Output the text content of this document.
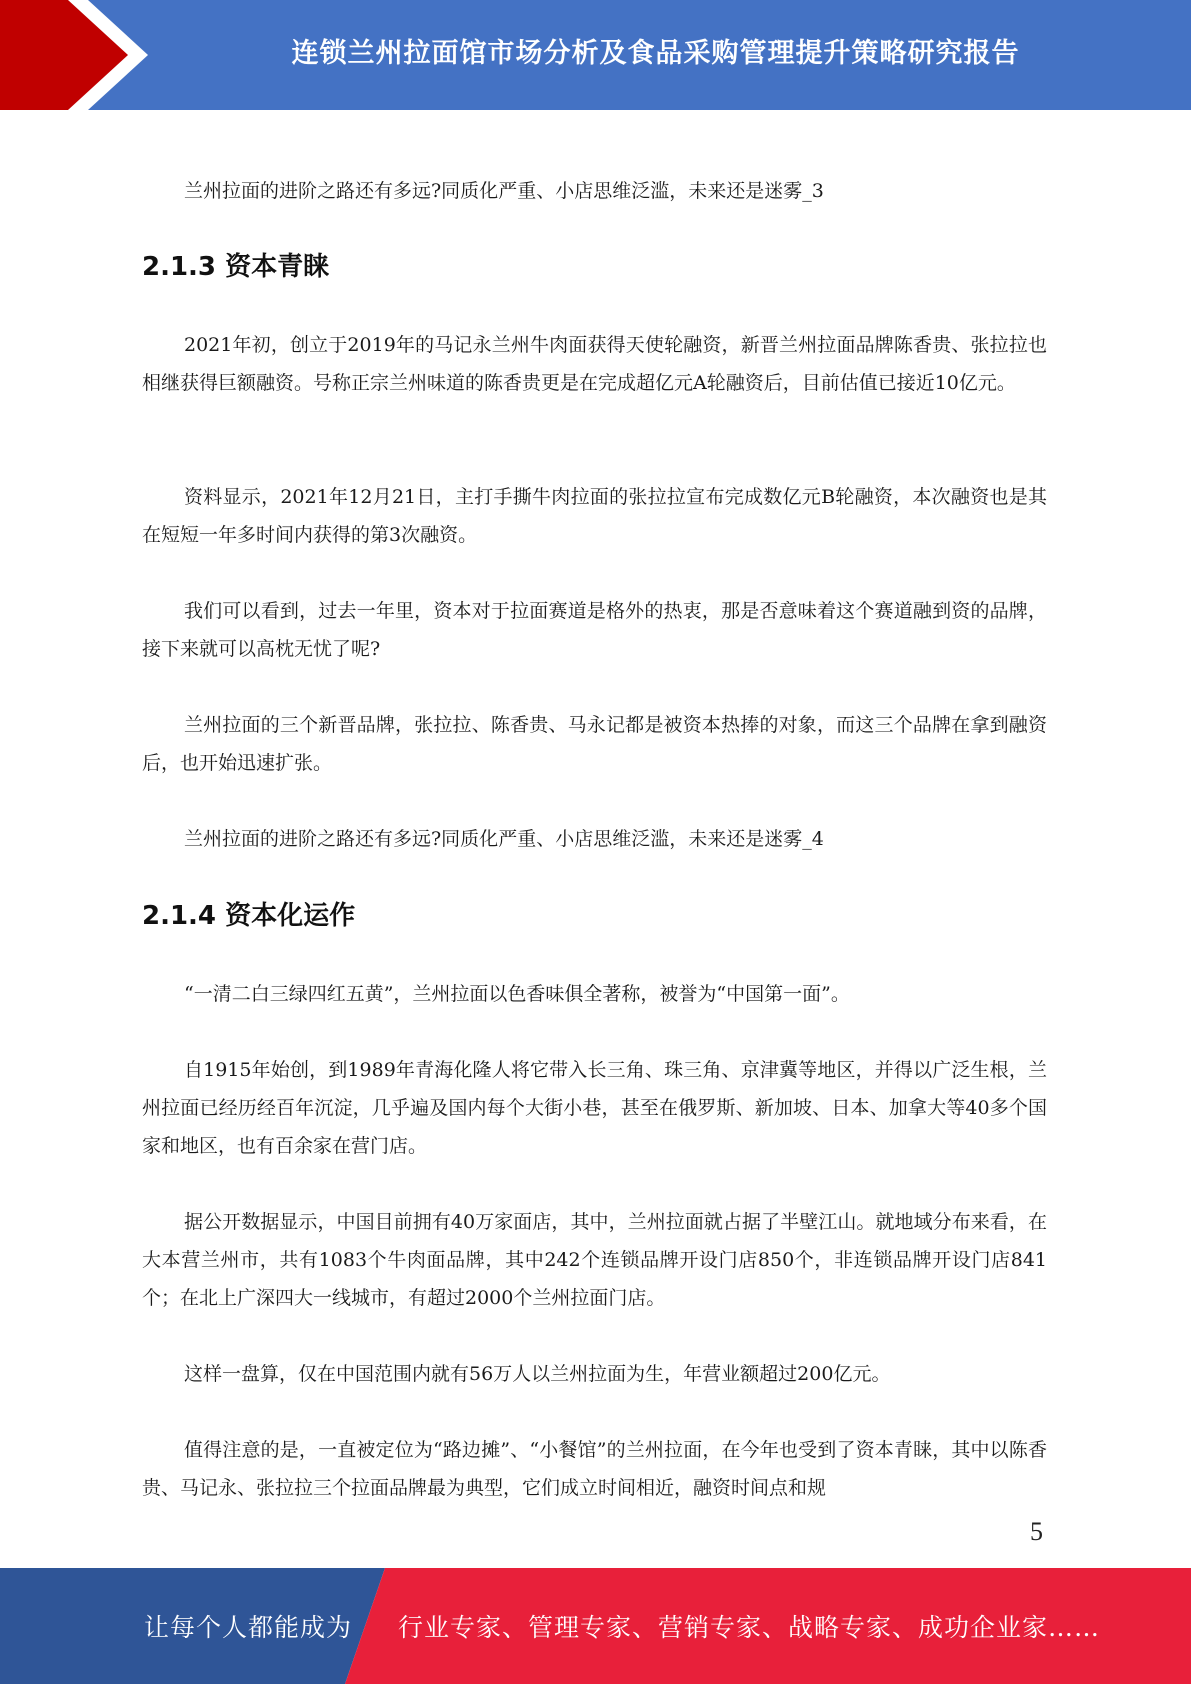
连锁兰州拉面馆市场分析及食品采购管理提升策略研究报告
兰州拉面的进阶之路还有多远?同质化严重、小店思维泛滥，未来还是迷雾_3
2.1.3 资本青睐
2021年初，创立于2019年的马记永兰州牛肉面获得天使轮融资，新晋兰州拉面品牌陈香贵、张拉拉也相继获得巨额融资。号称正宗兰州味道的陈香贵更是在完成超亿元A轮融资后，目前估值已接近10亿元。
资料显示，2021年12月21日，主打手撕牛肉拉面的张拉拉宣布完成数亿元B轮融资，本次融资也是其在短短一年多时间内获得的第3次融资。
我们可以看到，过去一年里，资本对于拉面赛道是格外的热衷，那是否意味着这个赛道融到资的品牌，接下来就可以高枕无忧了呢?
兰州拉面的三个新晋品牌，张拉拉、陈香贵、马永记都是被资本热捧的对象，而这三个品牌在拿到融资后，也开始迅速扩张。
兰州拉面的进阶之路还有多远?同质化严重、小店思维泛滥，未来还是迷雾_4
2.1.4 资本化运作
“一清二白三绿四红五黄”，兰州拉面以色香味俱全著称，被誉为“中国第一面”。
自1915年始创，到1989年青海化隆人将它带入长三角、珠三角、京津冀等地区，并得以广泛生根，兰州拉面已经历经百年沉淀，几乎遍及国内每个大街小巷，甚至在俄罗斯、新加坡、日本、加拿大等40多个国家和地区，也有百余家在营门店。
据公开数据显示，中国目前拥有40万家面店，其中，兰州拉面就占据了半壁江山。就地域分布来看，在大本营兰州市，共有1083个牛肉面品牌，其中242个连锁品牌开设门店850个，非连锁品牌开设门店841个；在北上广深四大一线城市，有超过2000个兰州拉面门店。
这样一盘算，仅在中国范围内就有56万人以兰州拉面为生，年营业额超过200亿元。
值得注意的是，一直被定位为“路边摊”、“小餐馆”的兰州拉面，在今年也受到了资本青睐，其中以陈香贵、马记永、张拉拉三个拉面品牌最为典型，它们成立时间相近，融资时间点和规
5
让每个人都能成为 行业专家、管理专家、营销专家、战略专家、成功企业家……
